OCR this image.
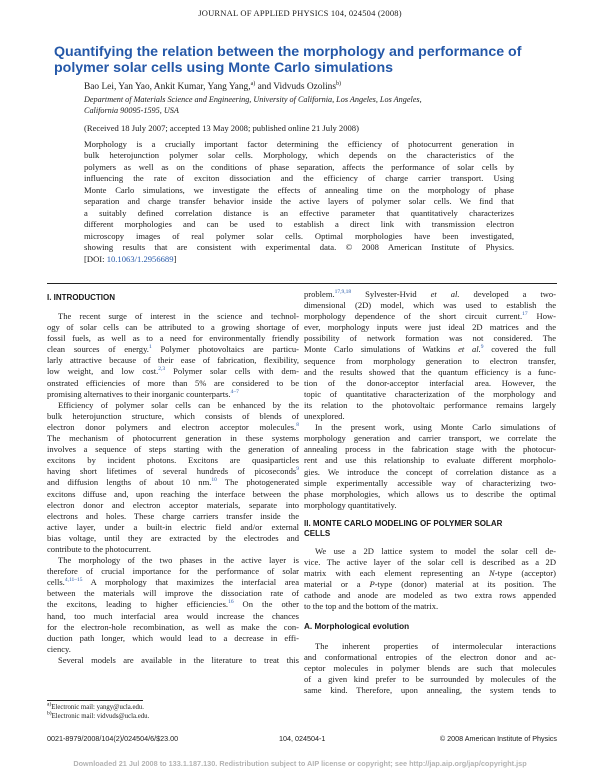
JOURNAL OF APPLIED PHYSICS 104, 024504 (2008)
Quantifying the relation between the morphology and performance of polymer solar cells using Monte Carlo simulations
Bao Lei, Yan Yao, Ankit Kumar, Yang Yang,$^{a)}$ and Vidvuds Ozolins$^{b)}$
Department of Materials Science and Engineering, University of California, Los Angeles, Los Angeles,
California 90095-1595, USA
(Received 18 July 2007; accepted 13 May 2008; published online 21 July 2008)
Morphology is a crucially important factor determining the efficiency of photocurrent generation in
bulk heterojunction polymer solar cells. Morphology, which depends on the characteristics of the
polymers as well as on the conditions of phase separation, affects the performance of solar cells by
influencing the rate of exciton dissociation and the efficiency of charge carrier transport. Using
Monte Carlo simulations, we investigate the effects of annealing time on the morphology of phase
separation and charge transfer behavior inside the active layers of polymer solar cells. We find that
a suitably defined correlation distance is an effective parameter that quantitatively characterizes
different morphologies and can be used to establish a direct link with transmission electron
microscopy images of real polymer solar cells. Optimal morphologies have been investigated,
showing results that are consistent with experimental data. © 2008 American Institute of Physics.
[DOI: 10.1063/1.2956689]
I. INTRODUCTION
The recent surge of interest in the science and technol-
ogy of solar cells can be attributed to a growing shortage of
fossil fuels, as well as to a need for environmentally friendly
clean sources of energy.$^1$ Polymer photovoltaics are particu-
larly attractive because of their ease of fabrication, flexibility,
low weight, and low cost.$^{2,3}$ Polymer solar cells with dem-
onstrated efficiencies of more than 5% are considered to be
promising alternatives to their inorganic counterparts.$^{4-7}$
Efficiency of polymer solar cells can be enhanced by the
bulk heterojunction structure, which consists of blends of
electron donor polymers and electron acceptor molecules.$^8$
The mechanism of photocurrent generation in these systems
involves a sequence of steps starting with the generation of
excitons by incident photons. Excitons are quasiparticles
having short lifetimes of several hundreds of picoseconds$^9$
and diffusion lengths of about 10 nm.$^{10}$ The photogenerated
excitons diffuse and, upon reaching the interface between the
electron donor and electron acceptor materials, separate into
electrons and holes. These charge carriers transfer inside the
active layer, under a built-in electric field and/or external
bias voltage, until they are extracted by the electrodes and
contribute to the photocurrent.
The morphology of the two phases in the active layer is
therefore of crucial importance for the performance of solar
cells.$^{4,11-15}$ A morphology that maximizes the interfacial area
between the materials will improve the dissociation rate of
the excitons, leading to higher efficiencies.$^{16}$ On the other
hand, too much interfacial area would increase the chances
for the electron-hole recombination, as well as make the con-
duction path longer, which would lead to a decrease in effi-
ciency.
Several models are available in the literature to treat this
problem.$^{17,9,18}$ Sylvester-Hvid et al. developed a two-
dimensional (2D) model, which was used to establish the
morphology dependence of the short circuit current.$^{17}$ How-
ever, morphology inputs were just ideal 2D matrices and the
possibility of network formation was not considered. The
Monte Carlo simulations of Watkins et al.$^9$ covered the full
sequence from morphology generation to electron transfer,
and the results showed that the quantum efficiency is a func-
tion of the donor-acceptor interfacial area. However, the
topic of quantitative characterization of the morphology and
its relation to the photovoltaic performance remains largely
unexplored.
In the present work, using Monte Carlo simulations of
morphology generation and carrier transport, we correlate the
annealing process in the fabrication stage with the photocur-
rent and use this relationship to evaluate different morpholo-
gies. We introduce the concept of correlation distance as a
simple experimentally accessible way of characterizing two-
phase morphologies, which allows us to describe the optimal
morphology quantitatively.
II. MONTE CARLO MODELING OF POLYMER SOLAR
CELLS
We use a 2D lattice system to model the solar cell de-
vice. The active layer of the solar cell is described as a 2D
matrix with each element representing an N-type (acceptor)
material or a P-type (donor) material at its position. The
cathode and anode are modeled as two extra rows appended
to the top and the bottom of the matrix.
A. Morphological evolution
The inherent properties of intermolecular interactions
and conformational entropies of the electron donor and ac-
ceptor molecules in polymer blends are such that molecules
of a given kind prefer to be surrounded by molecules of the
same kind. Therefore, upon annealing, the system tends to
$^{a)}$Electronic mail: yangy@ucla.edu.
$^{b)}$Electronic mail: vidvuds@ucla.edu.
0021-8979/2008/104(2)/024504/6/$23.00	104, 024504-1	© 2008 American Institute of Physics
Downloaded 21 Jul 2008 to 133.1.187.130. Redistribution subject to AIP license or copyright; see http://jap.aip.org/jap/copyright.jsp
